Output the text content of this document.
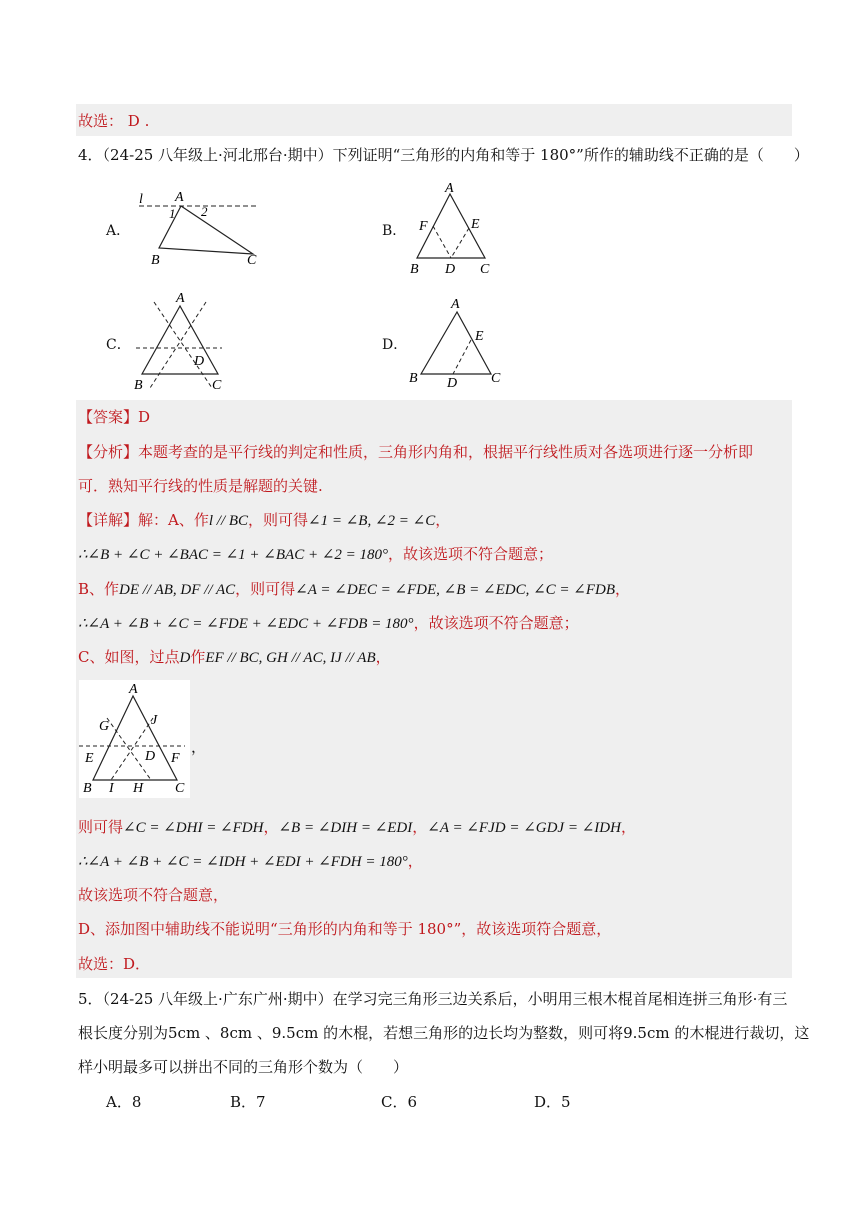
故选： D .
4．（24-25 八年级上·河北邢台·期中）下列证明“三角形的内角和等于 180°”所作的辅助线不正确的是（　　）
A．
l A
1 2
B	C
B．
A
F	E
B D C
C．
A
D
B	C
D．
A
E
B D C
【答案】D
【分析】本题考查的是平行线的判定和性质，三角形内角和，根据平行线性质对各选项进行逐一分析即
可．熟知平行线的性质是解题的关键.
【详解】解：A、作l // BC，则可得∠1 = ∠B, ∠2 = ∠C，
∴∠B + ∠C + ∠BAC = ∠1 + ∠BAC + ∠2 = 180°，故该选项不符合题意；
B、作DE // AB, DF // AC，则可得∠A = ∠DEC = ∠FDE, ∠B = ∠EDC, ∠C = ∠FDB，
∴∠A + ∠B + ∠C = ∠FDE + ∠EDC + ∠FDB = 180°，故该选项不符合题意；
C、如图，过点D作EF // BC, GH // AC, IJ // AB，
A
G	J
E	D F
B I H C
，
则可得∠C = ∠DHI = ∠FDH，∠B = ∠DIH = ∠EDI，∠A = ∠FJD = ∠GDJ = ∠IDH，
∴∠A + ∠B + ∠C = ∠IDH + ∠EDI + ∠FDH = 180°，
故该选项不符合题意，
D、添加图中辅助线不能说明“三角形的内角和等于 180°”，故该选项符合题意，
故选：D．
5．（24-25 八年级上·广东广州·期中）在学习完三角形三边关系后，小明用三根木棍首尾相连拼三角形·有三
根长度分别为5cm 、8cm 、9.5cm 的木棍，若想三角形的边长均为整数，则可将9.5cm 的木棍进行裁切，这
样小明最多可以拼出不同的三角形个数为（　　）
A．8	B．7	C．6	D．5
